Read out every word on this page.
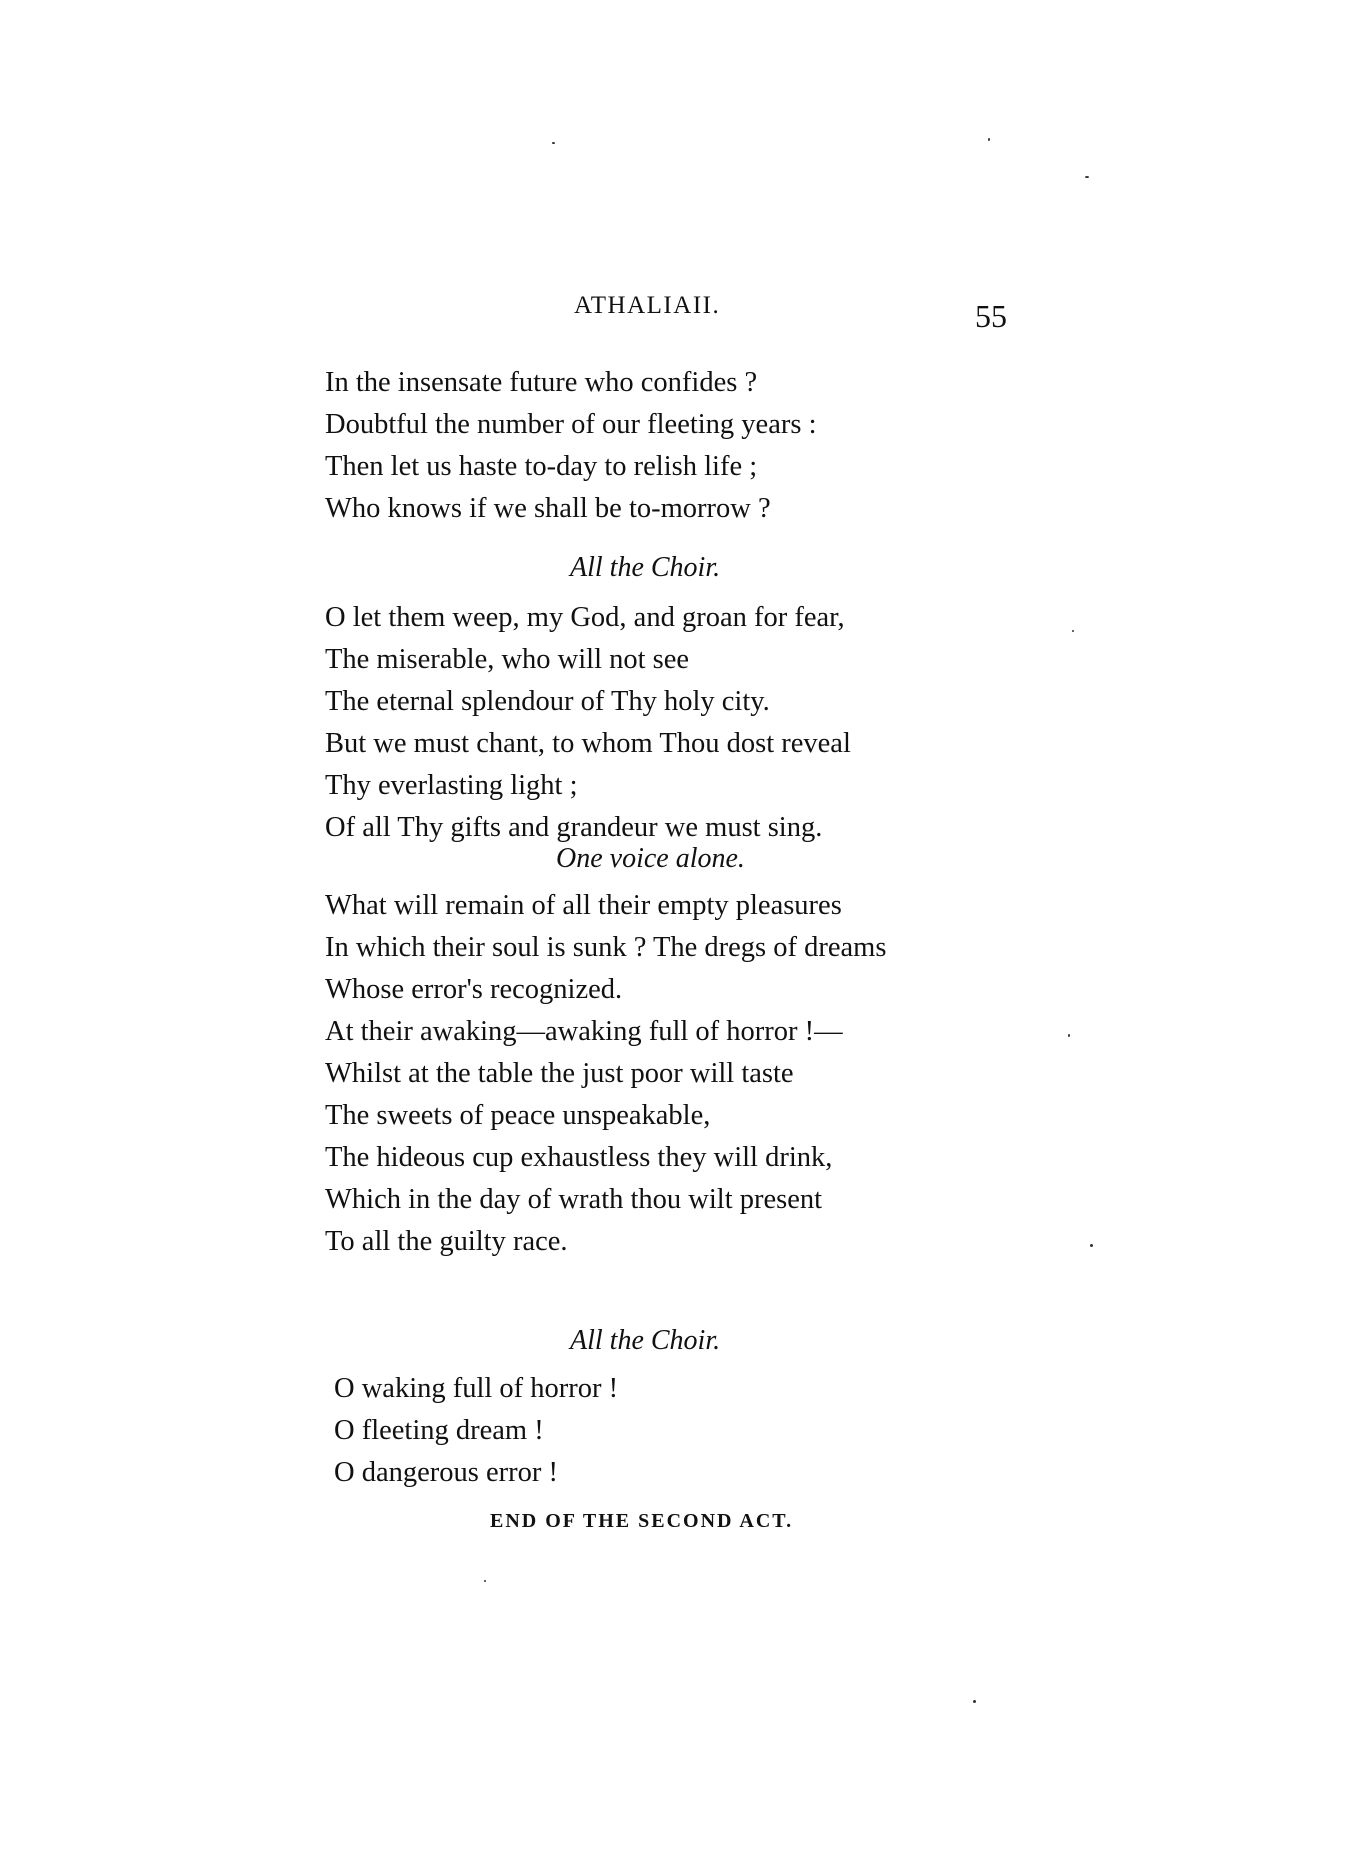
ATHALIAII.	55
In the insensate future who confides ?
Doubtful the number of our fleeting years :
Then let us haste to-day to relish life ;
Who knows if we shall be to-morrow ?
All the Choir.
O let them weep, my God, and groan for fear,
The miserable, who will not see
The eternal splendour of Thy holy city.
But we must chant, to whom Thou dost reveal
Thy everlasting light ;
Of all Thy gifts and grandeur we must sing.
One voice alone.
What will remain of all their empty pleasures
In which their soul is sunk ? The dregs of dreams
Whose error's recognized.
At their awaking—awaking full of horror !—
Whilst at the table the just poor will taste
The sweets of peace unspeakable,
The hideous cup exhaustless they will drink,
Which in the day of wrath thou wilt present
To all the guilty race.
All the Choir.
O waking full of horror !
O fleeting dream !
O dangerous error !
END OF THE SECOND ACT.
